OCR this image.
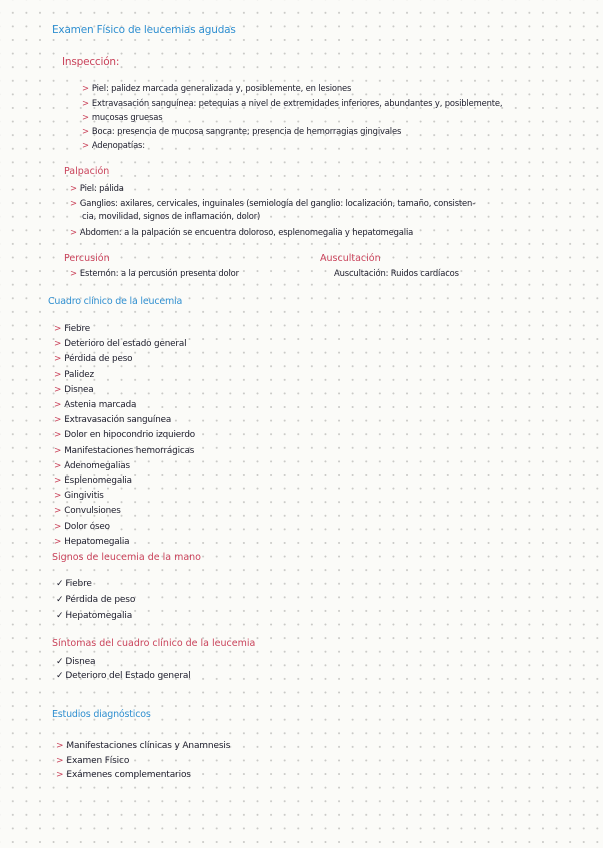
Examen Físico de leucemias agudas
Inspección:
> Piel: palidez marcada generalizada y, posiblemente, en lesiones
> Extravasación sanguínea: petequias a nivel de extremidades inferiores, abundantes y, posiblemente,
> mucosas gruesas
> Boca: presencia de mucosa sangrante; presencia de hemorragias gingivales
> Adenopatías:
Palpación
> Piel: pálida
> Ganglios: axilares, cervicales, inguinales (semiología del ganglio: localización, tamaño, consisten-
cia, movilidad, signos de inflamación, dolor)
> Abdomen: a la palpación se encuentra doloroso, esplenomegalia y hepatomegalia
Percusión
> Esternón: a la percusión presenta dolor
Auscultación
Auscultación: Ruidos cardíacos
Cuadro clínico de la leucemia
> Fiebre
> Deterioro del estado general
> Pérdida de peso
> Palidez
> Disnea
> Astenia marcada
> Extravasación sanguínea
> Dolor en hipocondrio izquierdo
> Manifestaciones hemorrágicas
> Adenomegalias
> Esplenomegalia
> Gingivitis
> Convulsiones
> Dolor óseo
> Hepatomegalia
Signos de leucemia de la mano
✓ Fiebre
✓ Pérdida de peso
✓ Hepatomegalia
Síntomas del cuadro clínico de la leucemia
✓ Disnea
✓ Deterioro del Estado general
Estudios diagnósticos
> Manifestaciones clínicas y Anamnesis
> Examen Físico
> Exámenes complementarios
